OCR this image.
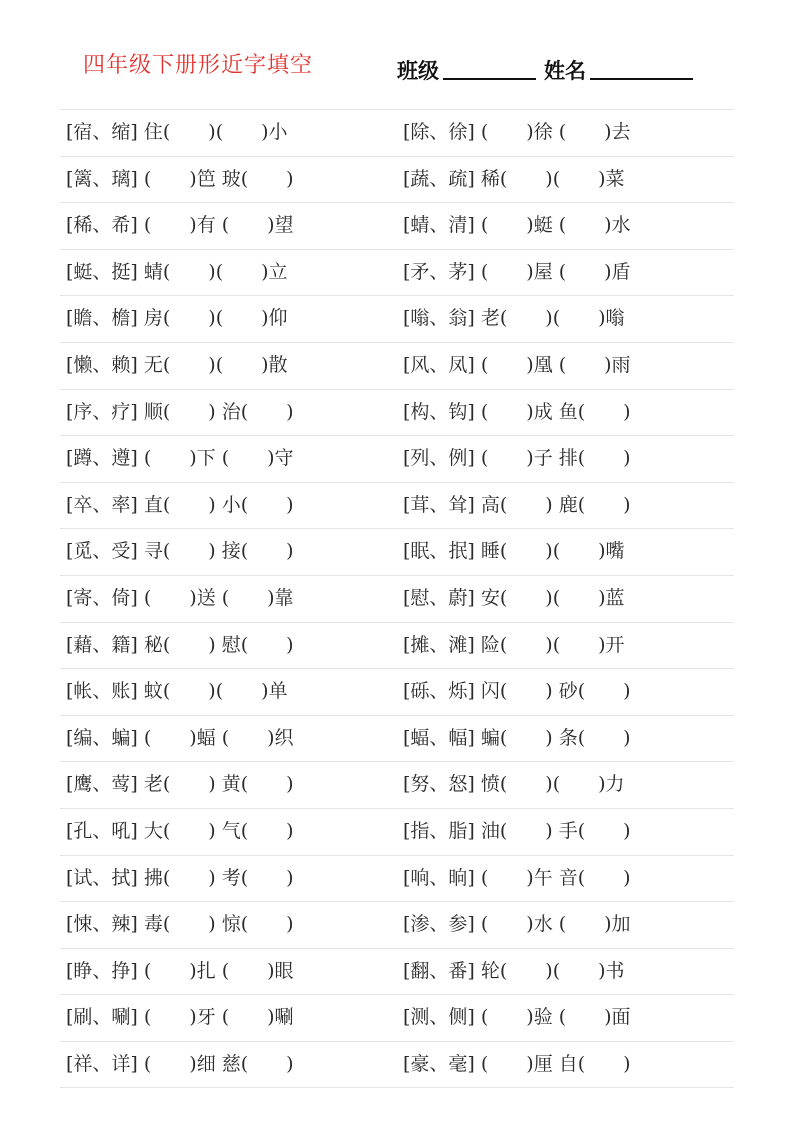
四年级下册形近字填空	班级	姓名
[宿、缩] 住(　　)(　　)小	[除、徐] (　　)徐 (　　)去
[篱、璃] (　　)笆 玻(　　)	[蔬、疏] 稀(　　)(　　)菜
[稀、希] (　　)有 (　　)望	[蜻、清] (　　)蜓 (　　)水
[蜓、挺] 蜻(　　)(　　)立	[矛、茅] (　　)屋 (　　)盾
[瞻、檐] 房(　　)(　　)仰	[嗡、翁] 老(　　)(　　)嗡
[懒、赖] 无(　　)(　　)散	[风、凤] (　　)凰 (　　)雨
[序、疗] 顺(　　) 治(　　)	[构、钩] (　　)成 鱼(　　)
[蹲、遵] (　　)下 (　　)守	[列、例] (　　)子 排(　　)
[卒、率] 直(　　) 小(　　)	[茸、耸] 高(　　) 鹿(　　)
[觅、受] 寻(　　) 接(　　)	[眠、抿] 睡(　　)(　　)嘴
[寄、倚] (　　)送 (　　)靠	[慰、蔚] 安(　　)(　　)蓝
[藉、籍] 秘(　　) 慰(　　)	[摊、滩] 险(　　)(　　)开
[帐、账] 蚊(　　)(　　)单	[砾、烁] 闪(　　) 砂(　　)
[编、蝙] (　　)蝠 (　　)织	[蝠、幅] 蝙(　　) 条(　　)
[鹰、莺] 老(　　) 黄(　　)	[努、怒] 愤(　　)(　　)力
[孔、吼] 大(　　) 气(　　)	[指、脂] 油(　　) 手(　　)
[试、拭] 拂(　　) 考(　　)	[响、晌] (　　)午 音(　　)
[悚、辣] 毒(　　) 惊(　　)	[渗、参] (　　)水 (　　)加
[睁、挣] (　　)扎 (　　)眼	[翻、番] 轮(　　)(　　)书
[刷、唰] (　　)牙 (　　)唰	[测、侧] (　　)验 (　　)面
[祥、详] (　　)细 慈(　　)	[豪、毫] (　　)厘 自(　　)
